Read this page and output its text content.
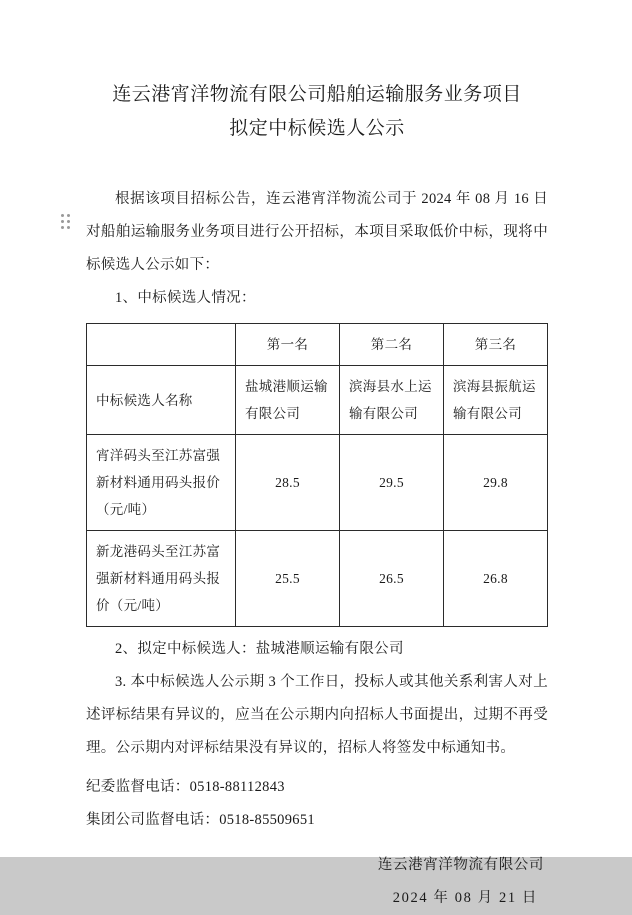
连云港宵洋物流有限公司船舶运输服务业务项目
拟定中标候选人公示
根据该项目招标公告，连云港宵洋物流公司于 2024 年 08 月 16 日对船舶运输服务业务项目进行公开招标，本项目采取低价中标，现将中标候选人公示如下：
1、中标候选人情况：
	第一名	第二名	第三名
中标候选人名称	盐城港顺运输有限公司	滨海县水上运输有限公司	滨海县振航运输有限公司
宵洋码头至江苏富强新材料通用码头报价（元/吨）	28.5	29.5	29.8
新龙港码头至江苏富强新材料通用码头报价（元/吨）	25.5	26.5	26.8
2、拟定中标候选人：盐城港顺运输有限公司
3. 本中标候选人公示期 3 个工作日，投标人或其他关系利害人对上述评标结果有异议的，应当在公示期内向招标人书面提出，过期不再受理。公示期内对评标结果没有异议的，招标人将签发中标通知书。
纪委监督电话：0518-88112843
集团公司监督电话：0518-85509651
连云港宵洋物流有限公司
2024 年 08 月 21 日
